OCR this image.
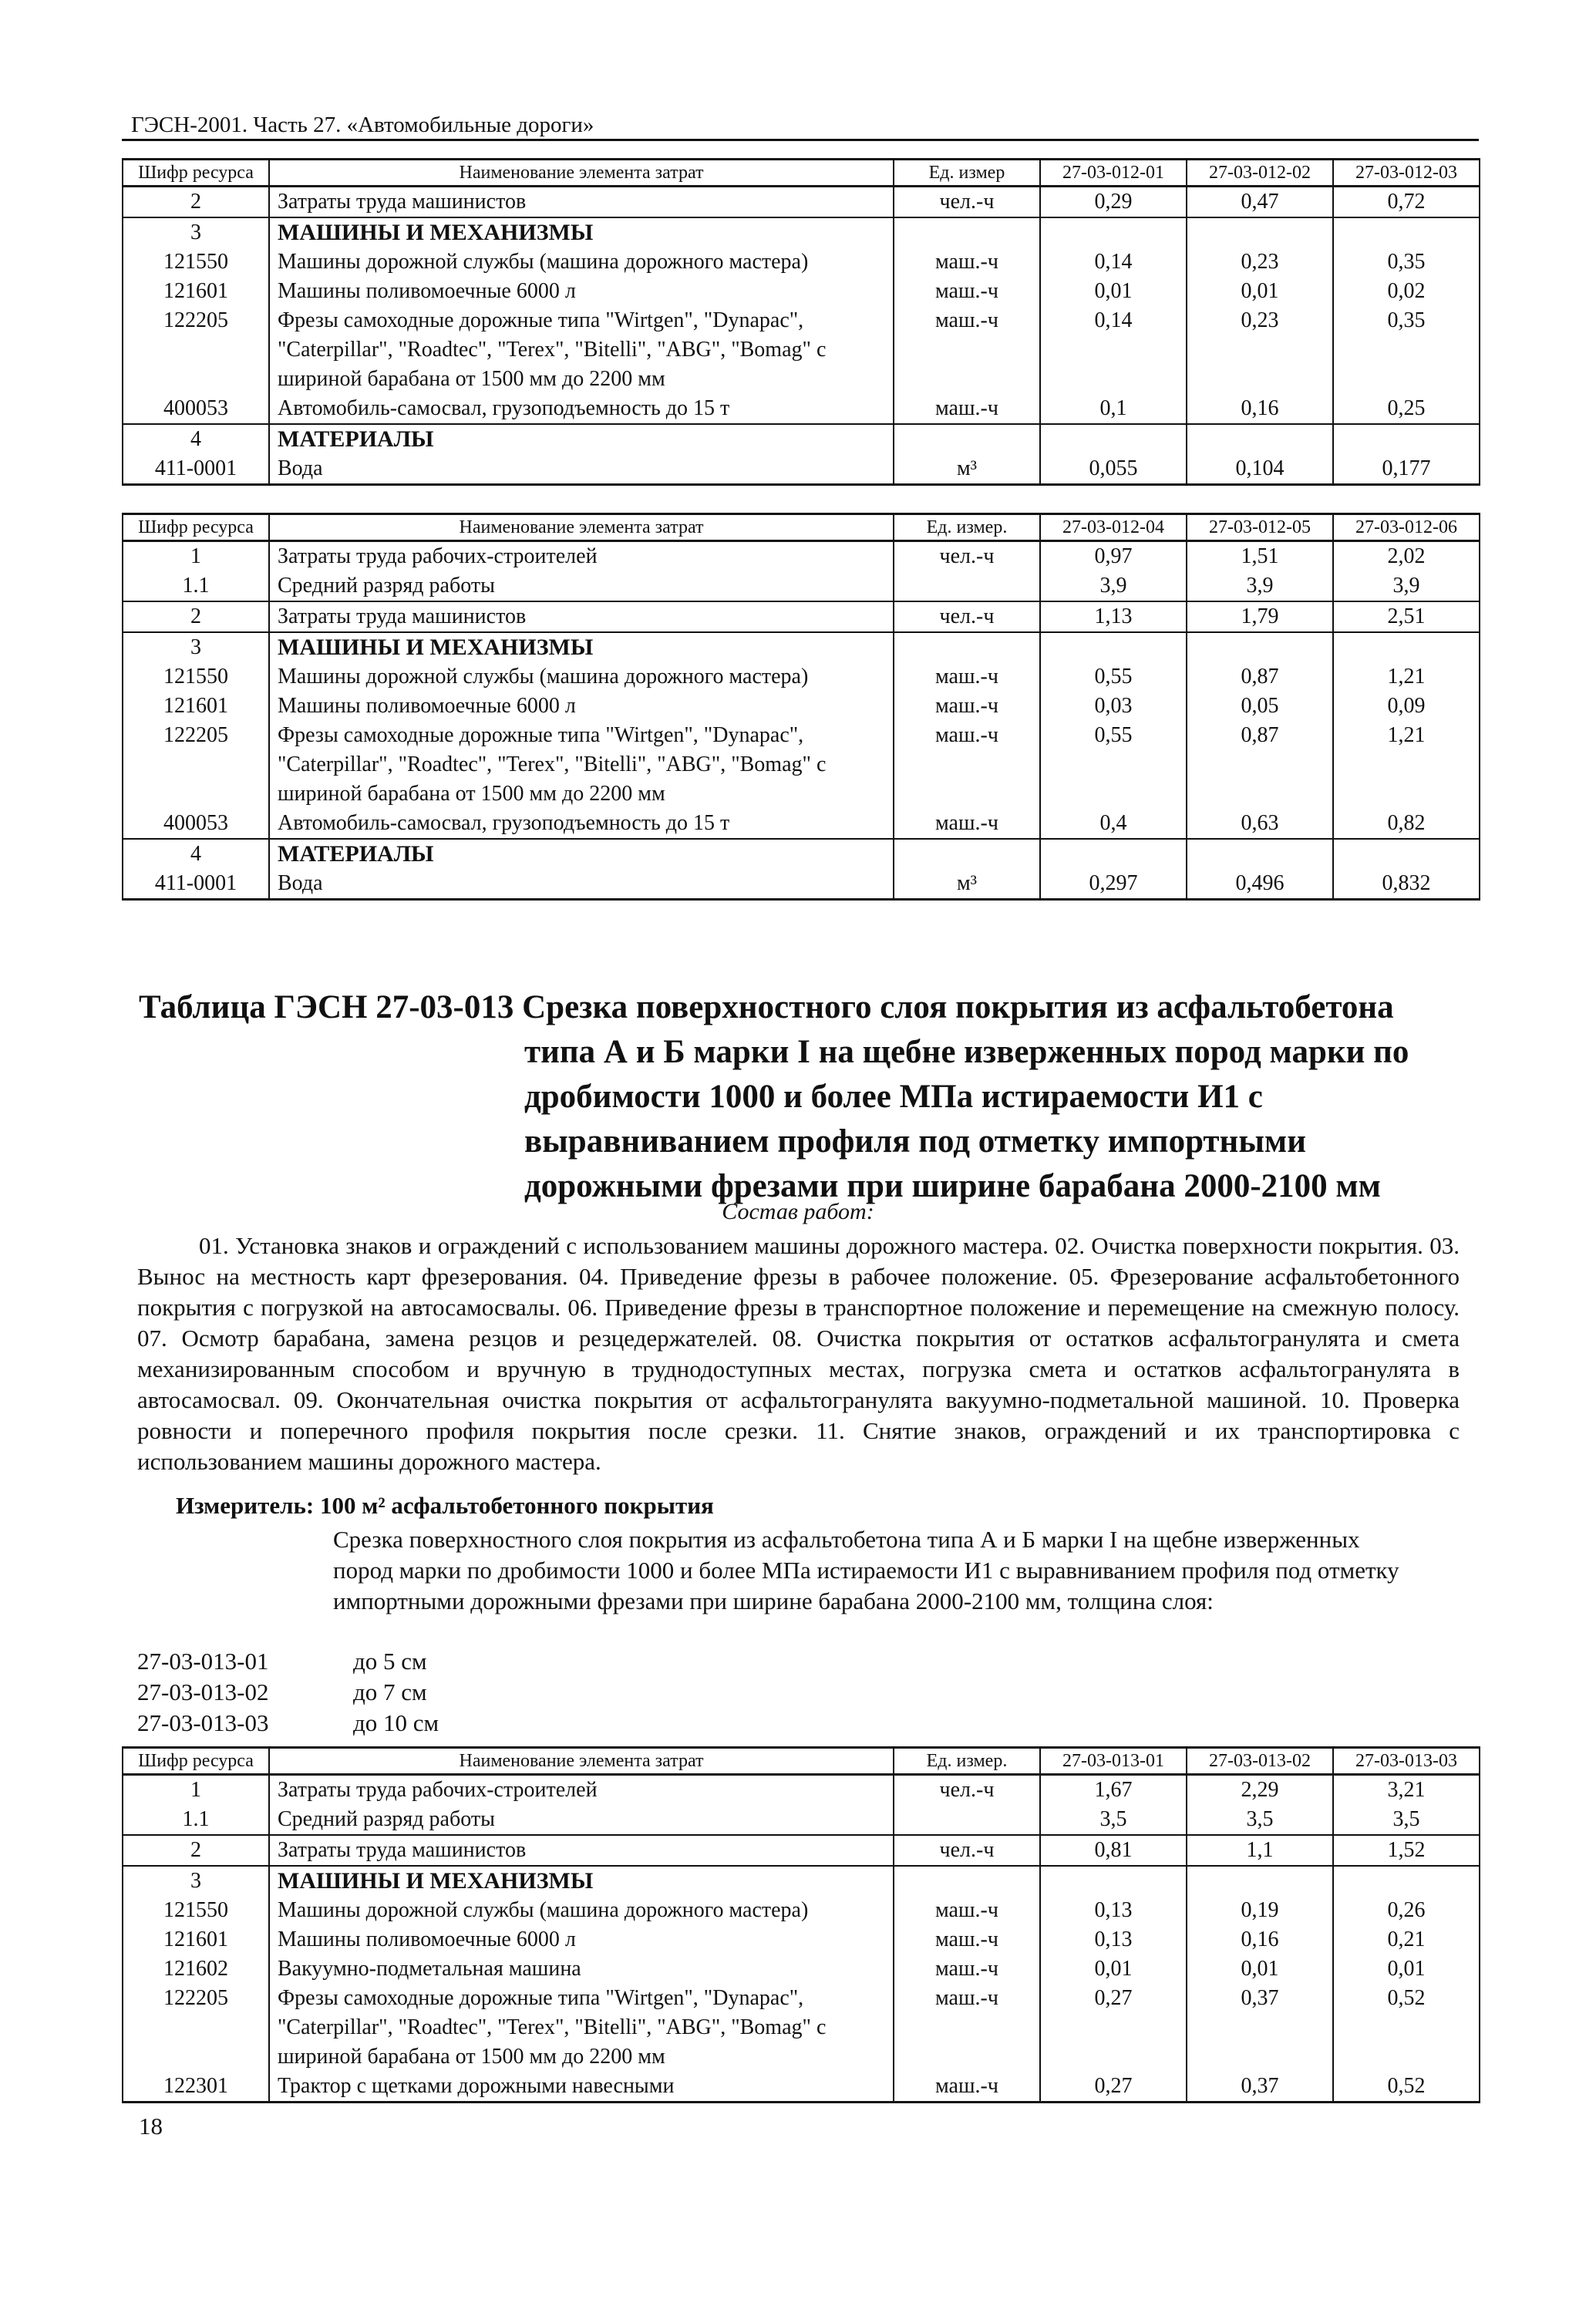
ГЭСН-2001. Часть 27. «Автомобильные дороги»
Шифр ресурса	Наименование элемента затрат	Ед. измер	27-03-012-01	27-03-012-02	27-03-012-03
2	Затраты труда машинистов	чел.-ч	0,29	0,47	0,72
3	МАШИНЫ И МЕХАНИЗМЫ				
121550	Машины дорожной службы (машина дорожного мастера)	маш.-ч	0,14	0,23	0,35
121601	Машины поливомоечные 6000 л	маш.-ч	0,01	0,01	0,02
122205	Фрезы самоходные дорожные типа "Wirtgen", "Dynapac", "Caterpillar", "Roadtec", "Terex", "Bitelli", "ABG", "Bomag" с шириной барабана от 1500 мм до 2200 мм	маш.-ч	0,14	0,23	0,35
400053	Автомобиль-самосвал, грузоподъемность до 15 т	маш.-ч	0,1	0,16	0,25
4	МАТЕРИАЛЫ				
411-0001	Вода	м³	0,055	0,104	0,177
Шифр ресурса	Наименование элемента затрат	Ед. измер.	27-03-012-04	27-03-012-05	27-03-012-06
1	Затраты труда рабочих-строителей	чел.-ч	0,97	1,51	2,02
1.1	Средний разряд работы		3,9	3,9	3,9
2	Затраты труда машинистов	чел.-ч	1,13	1,79	2,51
3	МАШИНЫ И МЕХАНИЗМЫ				
121550	Машины дорожной службы (машина дорожного мастера)	маш.-ч	0,55	0,87	1,21
121601	Машины поливомоечные 6000 л	маш.-ч	0,03	0,05	0,09
122205	Фрезы самоходные дорожные типа "Wirtgen", "Dynapac", "Caterpillar", "Roadtec", "Terex", "Bitelli", "ABG", "Bomag" с шириной барабана от 1500 мм до 2200 мм	маш.-ч	0,55	0,87	1,21
400053	Автомобиль-самосвал, грузоподъемность до 15 т	маш.-ч	0,4	0,63	0,82
4	МАТЕРИАЛЫ				
411-0001	Вода	м³	0,297	0,496	0,832
Таблица ГЭСН 27-03-013 Срезка поверхностного слоя покрытия из асфальтобетона
типа А и Б марки I на щебне изверженных пород марки по дробимости 1000 и более МПа истираемости И1 с выравниванием профиля под отметку импортными дорожными фрезами при ширине барабана 2000-2100 мм
Состав работ:

01. Установка знаков и ограждений с использованием машины дорожного мастера. 02. Очистка поверхности покрытия. 03. Вынос на местность карт фрезерования. 04. Приведение фрезы в рабочее положение. 05. Фрезерование асфальтобетонного покрытия с погрузкой на автосамосвалы. 06. Приведение фрезы в транспортное положение и перемещение на смежную полосу. 07. Осмотр барабана, замена резцов и резцедержателей. 08. Очистка покрытия от остатков асфальтогранулята и смета механизированным способом и вручную в труднодоступных местах, погрузка смета и остатков асфальтогранулята в автосамосвал. 09. Окончательная очистка покрытия от асфальтогранулята вакуумно-подметальной машиной. 10. Проверка ровности и поперечного профиля покрытия после срезки. 11. Снятие знаков, ограждений и их транспортировка с использованием машины дорожного мастера.

Измеритель: 100 м² асфальтобетонного покрытия
Срезка поверхностного слоя покрытия из асфальтобетона типа А и Б марки I на щебне изверженных пород марки по дробимости 1000 и более МПа истираемости И1 с выравниванием профиля под отметку импортными дорожными фрезами при ширине барабана 2000-2100 мм, толщина слоя:
27-03-013-01	до 5 см
27-03-013-02	до 7 см
27-03-013-03	до 10 см
Шифр ресурса	Наименование элемента затрат	Ед. измер.	27-03-013-01	27-03-013-02	27-03-013-03
1	Затраты труда рабочих-строителей	чел.-ч	1,67	2,29	3,21
1.1	Средний разряд работы		3,5	3,5	3,5
2	Затраты труда машинистов	чел.-ч	0,81	1,1	1,52
3	МАШИНЫ И МЕХАНИЗМЫ				
121550	Машины дорожной службы (машина дорожного мастера)	маш.-ч	0,13	0,19	0,26
121601	Машины поливомоечные 6000 л	маш.-ч	0,13	0,16	0,21
121602	Вакуумно-подметальная машина	маш.-ч	0,01	0,01	0,01
122205	Фрезы самоходные дорожные типа "Wirtgen", "Dynapac", "Caterpillar", "Roadtec", "Terex", "Bitelli", "ABG", "Bomag" с шириной барабана от 1500 мм до 2200 мм	маш.-ч	0,27	0,37	0,52
122301	Трактор с щетками дорожными навесными	маш.-ч	0,27	0,37	0,52
18
